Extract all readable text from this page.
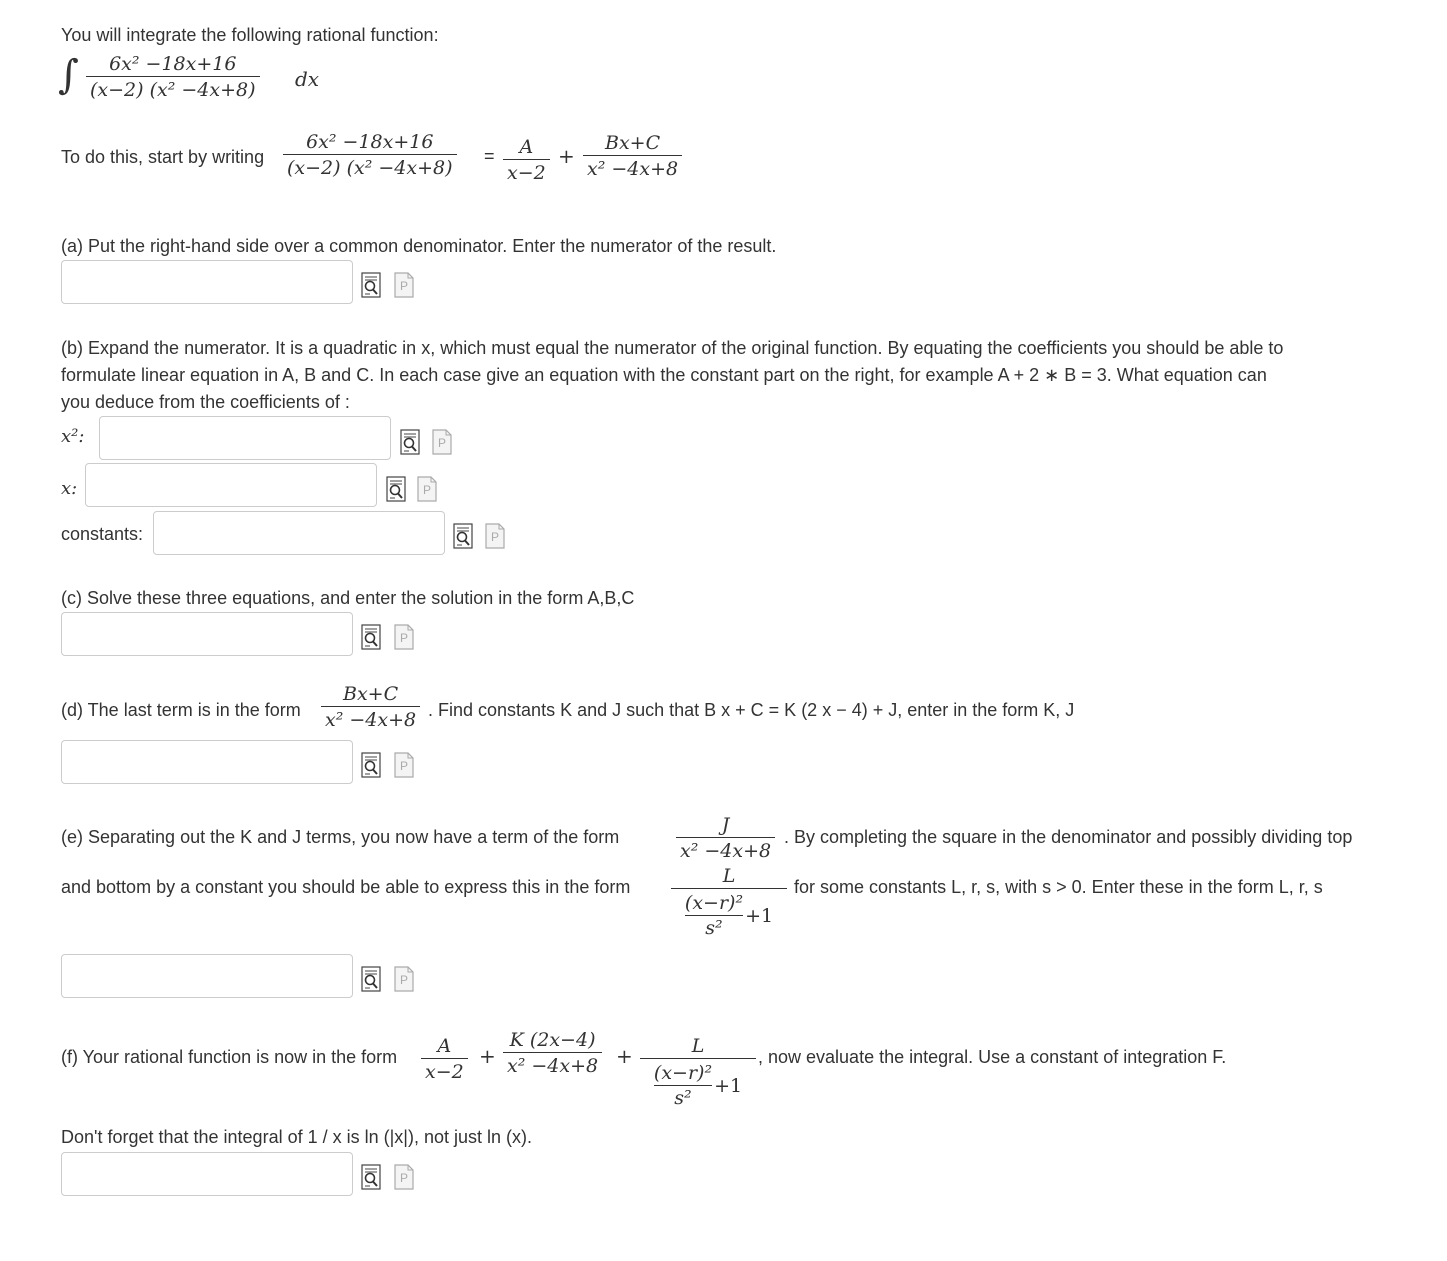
You will integrate the following rational function:
∫ 6x² −18x+16
(x−2) (x² −4x+8) dx
To do this, start by writing
6x² −18x+16
(x−2) (x² −4x+8)
= A
x−2
+
Bx+C
x² −4x+8
(a) Put the right-hand side over a common denominator. Enter the numerator of the result.
(b) Expand the numerator. It is a quadratic in x, which must equal the numerator of the original function. By equating the coefficients you should be able to
formulate linear equation in A, B and C. In each case give an equation with the constant part on the right, for example A + 2 ∗ B = 3. What equation can
you deduce from the coefficients of :
x²:
x:
constants:
(c) Solve these three equations, and enter the solution in the form A,B,C
(d) The last term is in the form
Bx+C
x² −4x+8 . Find constants K and J such that B x + C = K (2 x − 4) + J, enter in the form K, J
(e) Separating out the K and J terms, you now have a term of the form
J
x² −4x+8
. By completing the square in the denominator and possibly dividing top
and bottom by a constant you should be able to express this in the form	L
(x−r)²
s²
+1
for some constants L, r, s, with s > 0. Enter these in the form L, r, s
(f) Your rational function is now in the form A
x−2
+
K (2x−4)
x² −4x+8 +	L
(x−r)²
s²
+1
, now evaluate the integral. Use a constant of integration F.
Don't forget that the integral of 1 / x is ln (|x|), not just ln (x).
